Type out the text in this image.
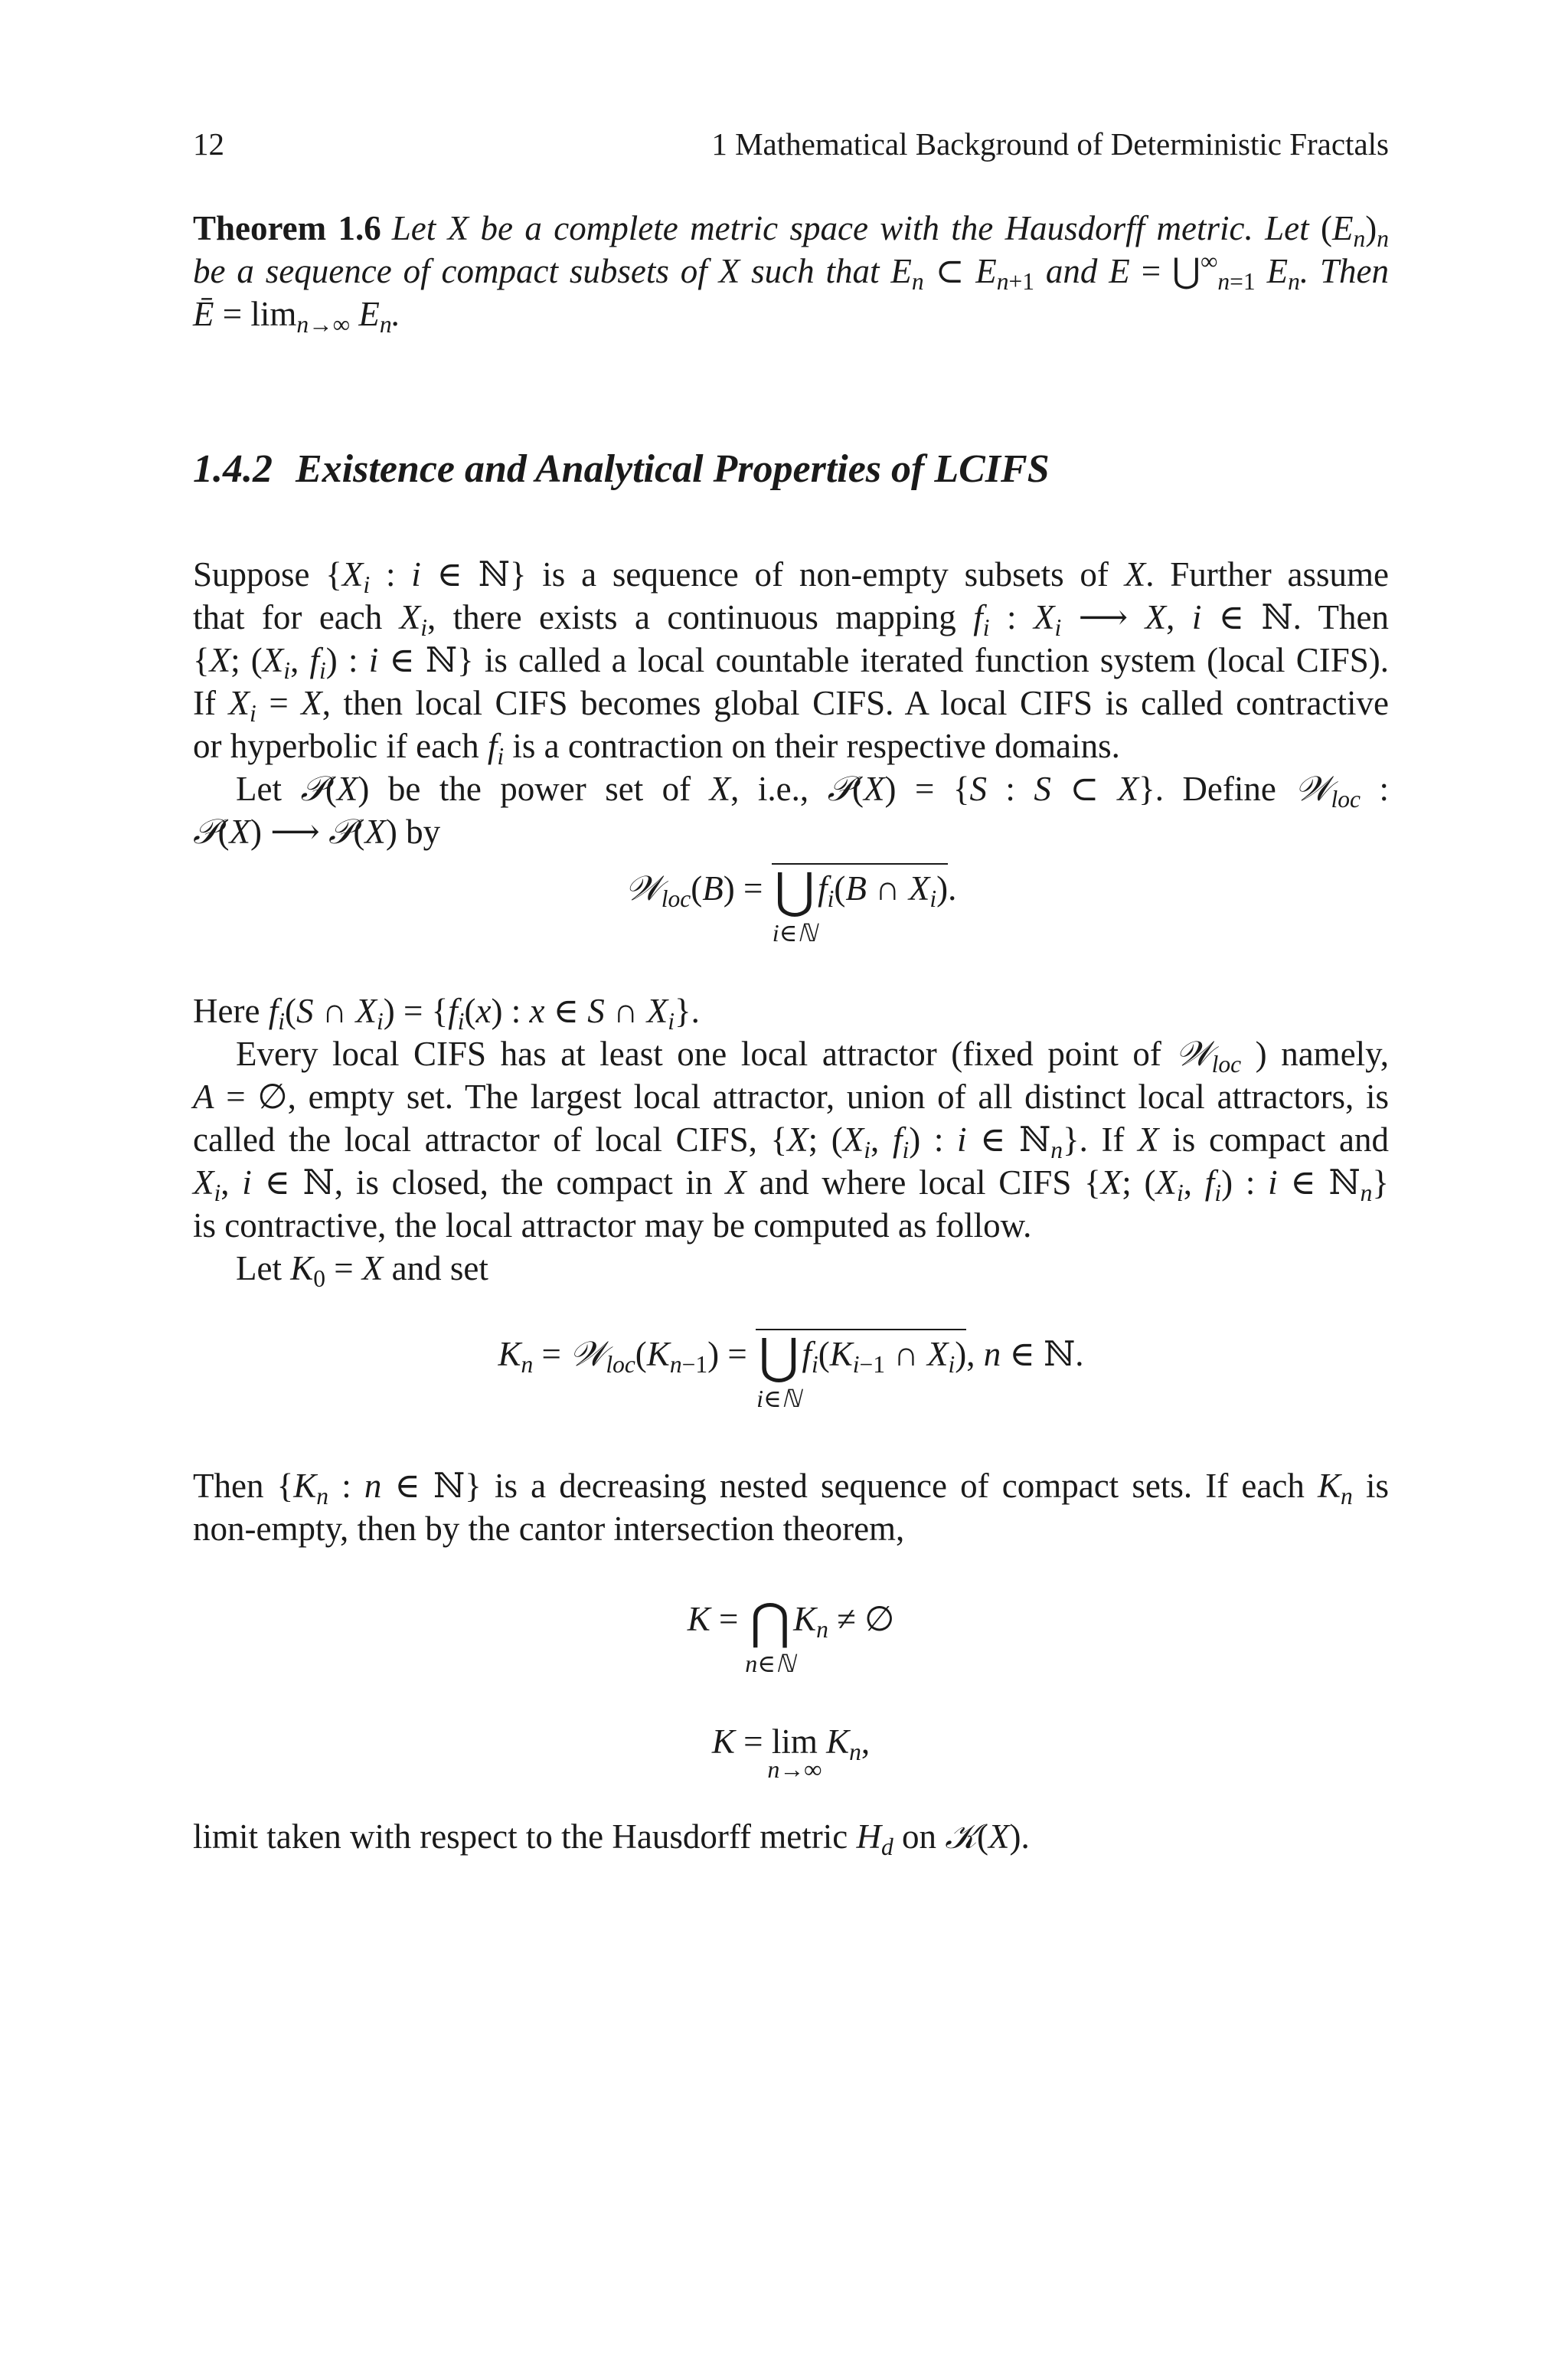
12	1 Mathematical Background of Deterministic Fractals
Theorem 1.6 Let X be a complete metric space with the Hausdorff metric. Let $(E_n)_n$
be a sequence of compact subsets of X such that $E_n$ ⊂ $E_{n+1}$ and $E = ⋃^\infty_{n=1}$ $E_n$. Then
Ē = $\lim_{n\to\infty} E_n$.
1.4.2 Existence and Analytical Properties of LCIFS
Suppose {$X_i$ : i ∈ ℕ} is a sequence of non-empty subsets of X. Further assume
that for each $X_i$, there exists a continuous mapping $f_i$ : $X_i$ ⟶ X, i ∈ ℕ. Then
{X; ($X_i$, $f_i$) : i ∈ ℕ} is called a local countable iterated function system (local CIFS).
If $X_i = X$, then local CIFS becomes global CIFS. A local CIFS is called contractive
or hyperbolic if each $f_i$ is a contraction on their respective domains.
Let 𝒫(X) be the power set of X, i.e., 𝒫(X) = {S : S ⊂ X}. Define 𝒲$_{loc}$ :
𝒫(X) ⟶ 𝒫(X) by
𝒲$_{loc}$(B) = ⋃
i∈ℕ
$f_i(B$ ∩ $X_i$).
Here $f_i(S$ ∩ $X_i) = \{f_i(x)$ : x ∈ S ∩ $X_i$}.
Every local CIFS has at least one local attractor (fixed point of 𝒲$_{loc}$ ) namely,
A = ∅, empty set. The largest local attractor, union of all distinct local attractors, is
called the local attractor of local CIFS, {X; ($X_i$, $f_i$) : i ∈ ℕ$_n$}. If X is compact and
$X_i$, i ∈ ℕ, is closed, the compact in X and where local CIFS {X; ($X_i$, $f_i$) : i ∈ ℕ$_n$}
is contractive, the local attractor may be computed as follow.
Let $K_0 = X$ and set
$K_n$ = $𝒲_{loc}(K_{n-1})$ = ⋃
i∈ℕ
$f_i(K_{i-1}$ ∩ $X_i$), n ∈ ℕ.
Then {$K_n$ : n ∈ ℕ} is a decreasing nested sequence of compact sets. If each $K_n$ is
non-empty, then by the cantor intersection theorem,
K = ⋂
n∈ℕ
$K_n$ ≠ ∅
K = lim
n→∞
$K_n$,
limit taken with respect to the Hausdorff metric $H_d$ on 𝒦(X).
